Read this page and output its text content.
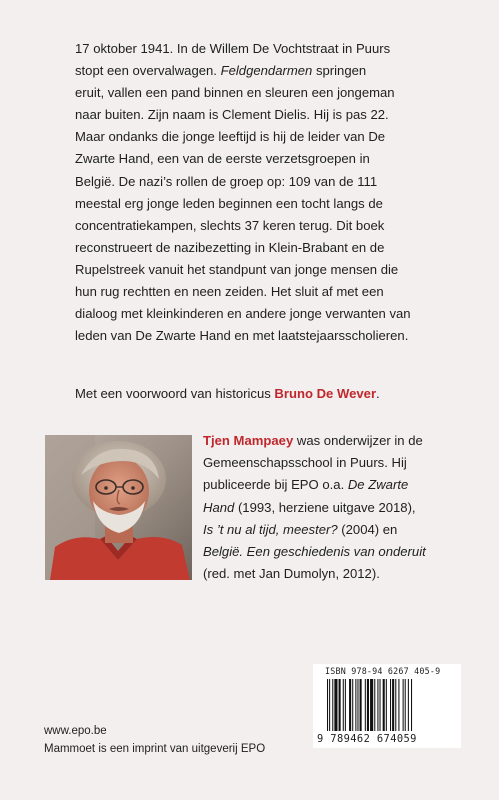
17 oktober 1941. In de Willem De Vochtstraat in Puurs
stopt een overvalwagen. Feldgendarmen springen
eruit, vallen een pand binnen en sleuren een jongeman
naar buiten. Zijn naam is Clement Dielis. Hij is pas 22.
Maar ondanks die jonge leeftijd is hij de leider van De
Zwarte Hand, een van de eerste verzetsgroepen in
België. De nazi’s rollen de groep op: 109 van de 111
meestal erg jonge leden beginnen een tocht langs de
concentratiekampen, slechts 37 keren terug. Dit boek
reconstrueert de nazibezetting in Klein-Brabant en de
Rupelstreek vanuit het standpunt van jonge mensen die
hun rug rechtten en neen zeiden. Het sluit af met een
dialoog met kleinkinderen en andere jonge verwanten van
leden van De Zwarte Hand en met laatstejaarsscholieren.
Met een voorwoord van historicus Bruno De Wever.
Tjen Mampaey was onderwijzer in de
Gemeenschapsschool in Puurs. Hij
publiceerde bij EPO o.a. De Zwarte
Hand (1993, herziene uitgave 2018),
Is ’t nu al tijd, meester? (2004) en
België. Een geschiedenis van onderuit
(red. met Jan Dumolyn, 2012).
ISBN 978-94 6267 405-9
9 789462 674059
www.epo.be
Mammoet is een imprint van uitgeverij EPO
